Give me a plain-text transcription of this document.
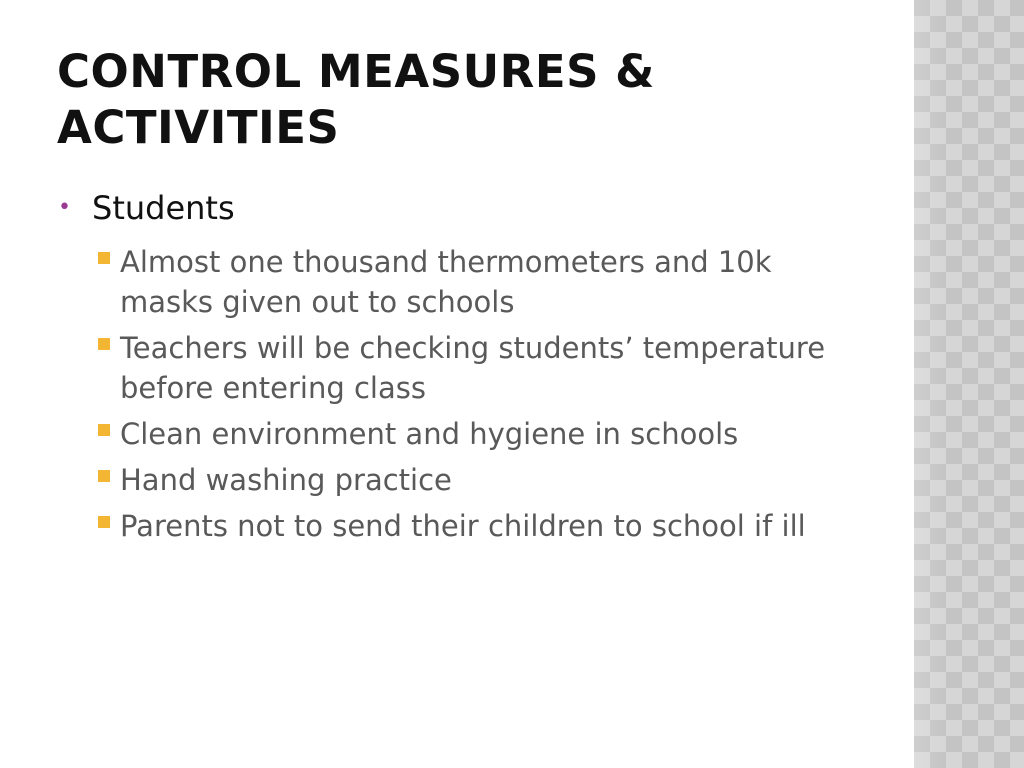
CONTROL MEASURES & ACTIVITIES
• Students
Almost one thousand thermometers and 10k masks given out to schools
Teachers will be checking students’ temperature before entering class
Clean environment and hygiene in schools
Hand washing practice
Parents not to send their children to school if ill
